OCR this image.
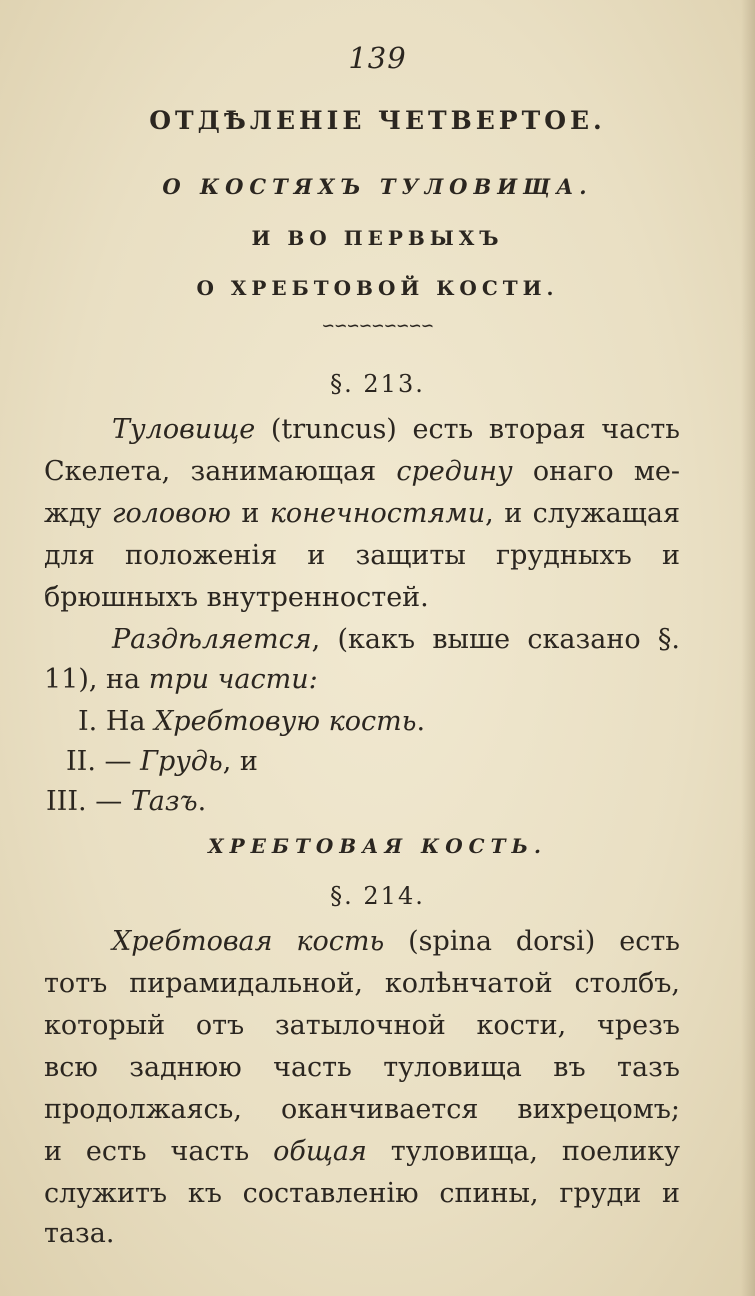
139
ОТДѢЛЕНІЕ ЧЕТВЕРТОЕ.
О КОСТЯХЪ ТУЛОВИЩА.
И ВО ПЕРВЫХЪ
О ХРЕБТОВОЙ КОСТИ.
∽∽∽∽∽∽∽∽∽
§. 213.
Туловище (truncus) есть вторая часть
Скелета, занимающая средину онаго ме-
жду головою и конечностями, и служащая
для положенія и защиты грудныхъ и
брюшныхъ внутренностей.
Раздѣляется, (какъ выше сказано §.
11), на три части:
I. На Хребтовую кость.
II. — Грудь, и
III. — Тазъ.
ХРЕБТОВАЯ КОСТЬ.
§. 214.
Хребтовая кость (spina dorsi) есть
тотъ пирамидальной, колѣнчатой столбъ,
который отъ затылочной кости, чрезъ
всю заднюю часть туловища въ тазъ
продолжаясь, оканчивается вихрецомъ;
и есть часть общая туловища, поелику
служитъ къ составленію спины, груди и
таза.
